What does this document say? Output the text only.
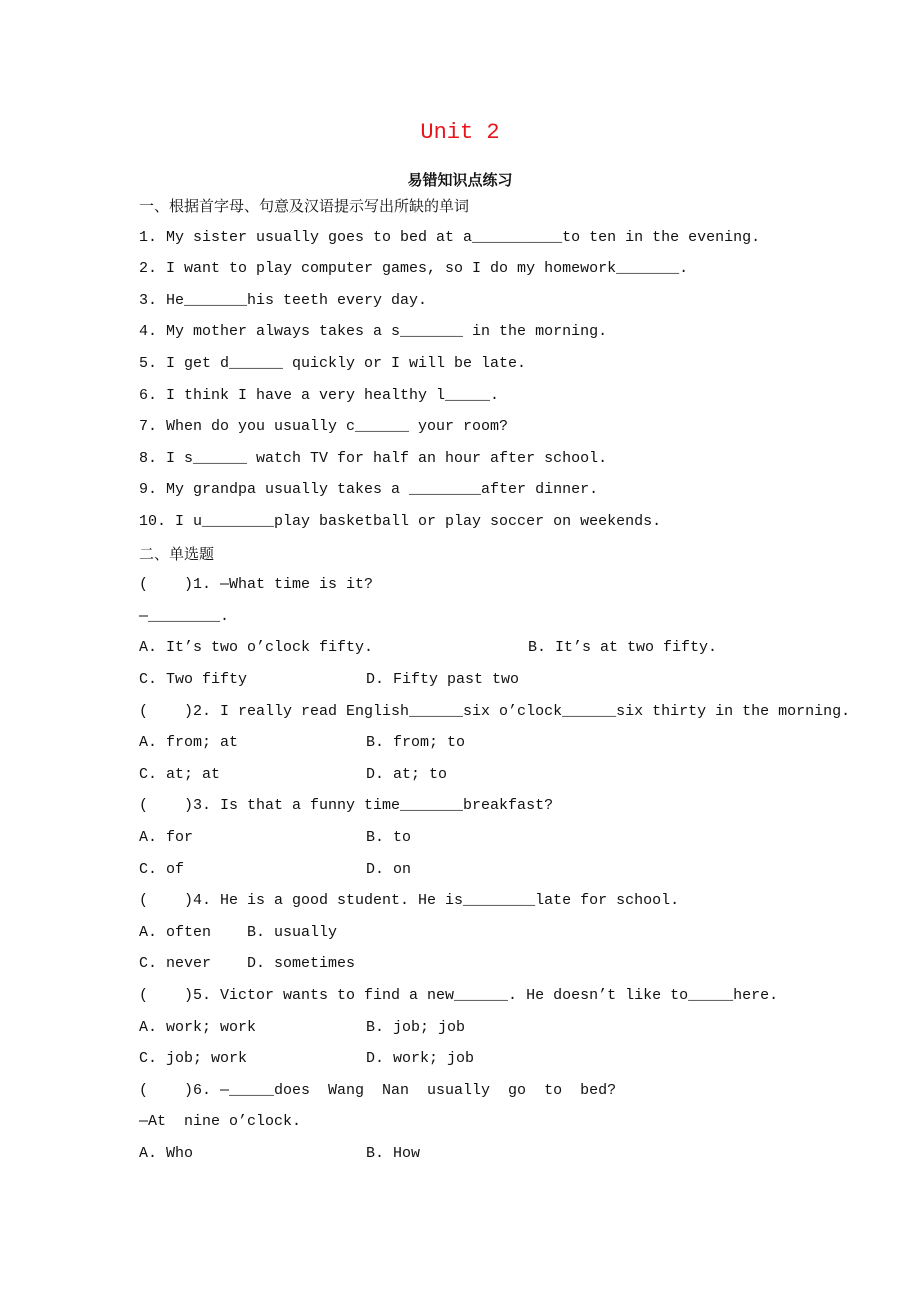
Unit 2
易错知识点练习
一、根据首字母、句意及汉语提示写出所缺的单词
1. My sister usually goes to bed at a__________to ten in the evening.
2. I want to play computer games, so I do my homework_______.
3. He_______his teeth every day.
4. My mother always takes a s_______ in the morning.
5. I get d______ quickly or I will be late.
6. I think I have a very healthy l_____.
7. When do you usually c______ your room?
8. I s______ watch TV for half an hour after school.
9. My grandpa usually takes a ________after dinner.
10. I u________play basketball or play soccer on weekends.
二、单选题
(    )1. —What time is it?
—________.
A. It’s two o’clock fifty.	B. It’s at two fifty.
C. Two fifty	D. Fifty past two
(    )2. I really read English______six o’clock______six thirty in the morning.
A. from; at	B. from; to
C. at; at	D. at; to
(    )3. Is that a funny time_______breakfast?
A. for	B. to
C. of	D. on
(    )4. He is a good student. He is________late for school.
A. often    B. usually
C. never    D. sometimes
(    )5. Victor wants to find a new______. He doesn’t like to_____here.
A. work; work	B. job; job
C. job; work	D. work; job
(    )6. —_____does  Wang  Nan  usually  go  to  bed?
—At  nine o’clock.
A. Who	B. How
